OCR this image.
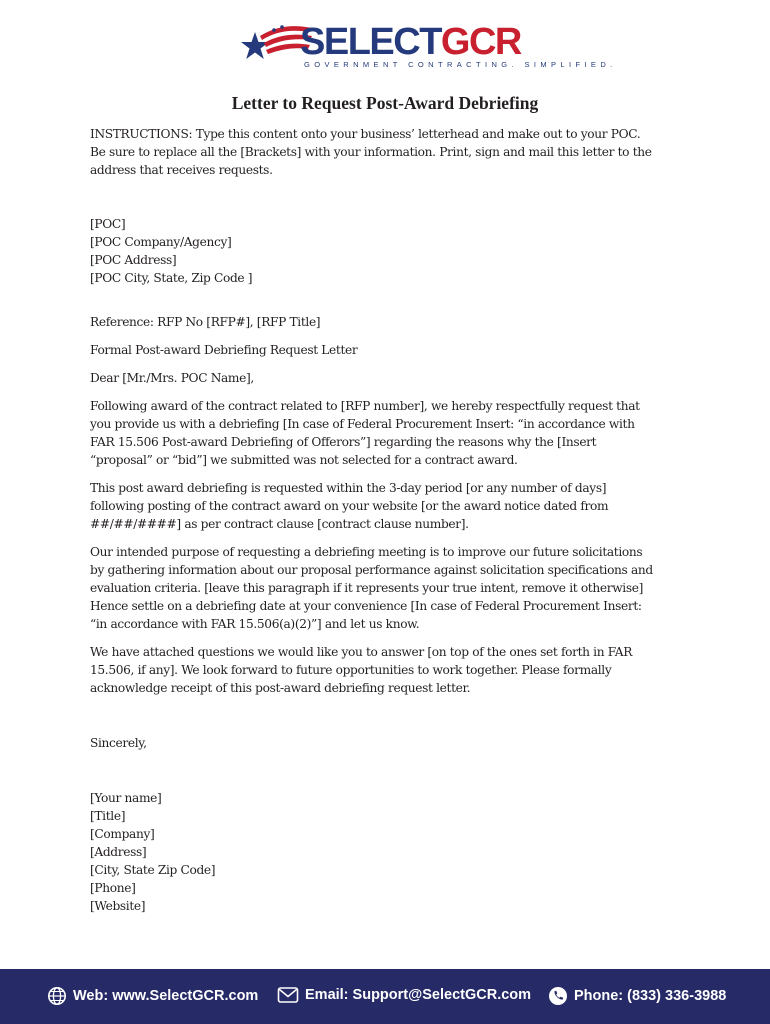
SELECTGCR
GOVERNMENT CONTRACTING. SIMPLIFIED.
Letter to Request Post-Award Debriefing

INSTRUCTIONS: Type this content onto your business’ letterhead and make out to your POC.
Be sure to replace all the [Brackets] with your information. Print, sign and mail this letter to the
address that receives requests.

[POC]
[POC Company/Agency]
[POC Address]
[POC City, State, Zip Code ]

Reference: RFP No [RFP#], [RFP Title]

Formal Post-award Debriefing Request Letter

Dear [Mr./Mrs. POC Name],

Following award of the contract related to [RFP number], we hereby respectfully request that
you provide us with a debriefing [In case of Federal Procurement Insert: “in accordance with
FAR 15.506 Post-award Debriefing of Offerors”] regarding the reasons why the [Insert
“proposal” or “bid”] we submitted was not selected for a contract award.

This post award debriefing is requested within the 3-day period [or any number of days]
following posting of the contract award on your website [or the award notice dated from
##/##/####] as per contract clause [contract clause number].

Our intended purpose of requesting a debriefing meeting is to improve our future solicitations
by gathering information about our proposal performance against solicitation specifications and
evaluation criteria. [leave this paragraph if it represents your true intent, remove it otherwise]
Hence settle on a debriefing date at your convenience [In case of Federal Procurement Insert:
“in accordance with FAR 15.506(a)(2)”] and let us know.

We have attached questions we would like you to answer [on top of the ones set forth in FAR
15.506, if any]. We look forward to future opportunities to work together. Please formally
acknowledge receipt of this post-award debriefing request letter.

Sincerely,

[Your name]
[Title]
[Company]
[Address]
[City, State Zip Code]
[Phone]
[Website]

Web: www.SelectGCR.com	Email: Support@SelectGCR.com	Phone: (833) 336-3988
